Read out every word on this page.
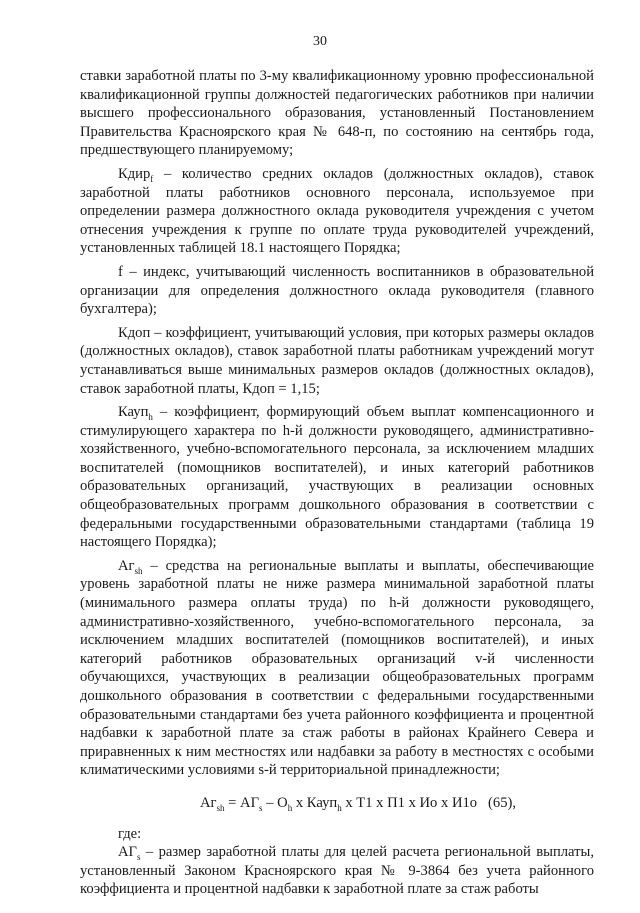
30

ставки заработной платы по 3-му квалификационному уровню профессиональной квалификационной группы должностей педагогических работников при наличии высшего профессионального образования, установленный Постановлением Правительства Красноярского края № 648-п, по состоянию на сентябрь года, предшествующего планируемому;

Кдир$_f$ – количество средних окладов (должностных окладов), ставок заработной платы работников основного персонала, используемое при определении размера должностного оклада руководителя учреждения с учетом отнесения учреждения к группе по оплате труда руководителей учреждений, установленных таблицей 18.1 настоящего Порядка;

f – индекс, учитывающий численность воспитанников в образовательной организации для определения должностного оклада руководителя (главного бухгалтера);

Кдоп – коэффициент, учитывающий условия, при которых размеры окладов (должностных окладов), ставок заработной платы работникам учреждений могут устанавливаться выше минимальных размеров окладов (должностных окладов), ставок заработной платы, Кдоп = 1,15;

Кауп$_h$ – коэффициент, формирующий объем выплат компенсационного и стимулирующего характера по h-й должности руководящего, административно-хозяйственного, учебно-вспомогательного персонала, за исключением младших воспитателей (помощников воспитателей), и иных категорий работников образовательных организаций, участвующих в реализации основных общеобразовательных программ дошкольного образования в соответствии с федеральными государственными образовательными стандартами (таблица 19 настоящего Порядка);

$Аг_{sh}$ – средства на региональные выплаты и выплаты, обеспечивающие уровень заработной платы не ниже размера минимальной заработной платы (минимального размера оплаты труда) по h-й должности руководящего, административно-хозяйственного, учебно-вспомогательного персонала, за исключением младших воспитателей (помощников воспитателей), и иных категорий работников образовательных организаций v-й численности обучающихся, участвующих в реализации общеобразовательных программ дошкольного образования в соответствии с федеральными государственными образовательными стандартами без учета районного коэффициента и процентной надбавки к заработной плате за стаж работы в районах Крайнего Севера и приравненных к ним местностях или надбавки за работу в местностях с особыми климатическими условиями s-й территориальной принадлежности;

$Аг_{sh} = АГ_s - О_h$ х Кауп$_h$ х Т1 х П1 х Ио х И1о (65),

где:

$АГ_s$ – размер заработной платы для целей расчета региональной выплаты, установленный Законом Красноярского края № 9-3864 без учета районного коэффициента и процентной надбавки к заработной плате за стаж работы
